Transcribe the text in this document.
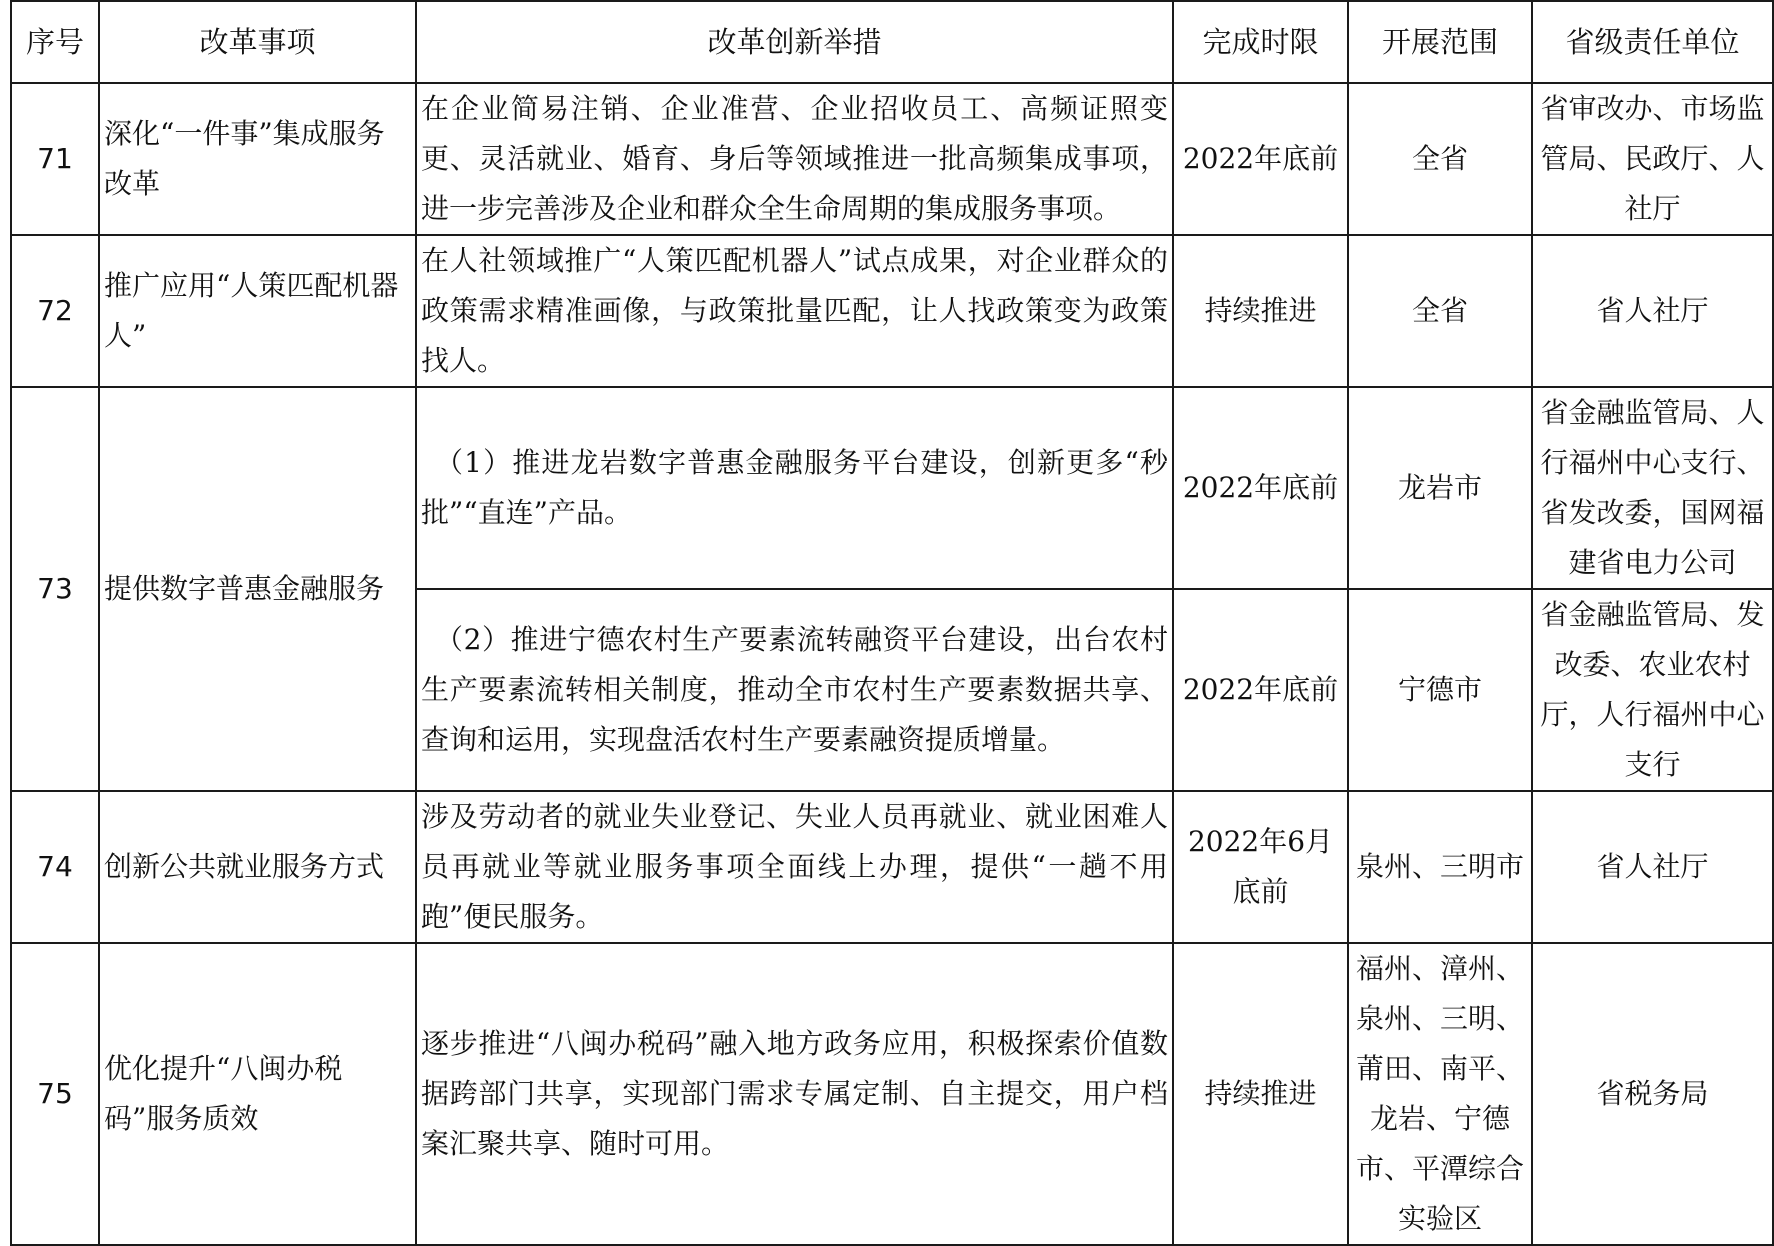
序号	改革事项	改革创新举措	完成时限	开展范围	省级责任单位
71	深化“一件事”集成服务改革	在企业简易注销、企业准营、企业招收员工、高频证照变更、灵活就业、婚育、身后等领域推进一批高频集成事项，进一步完善涉及企业和群众全生命周期的集成服务事项。	2022年底前	全省	省审改办、市场监管局、民政厅、人社厅
72	推广应用“人策匹配机器人”	在人社领域推广“人策匹配机器人”试点成果，对企业群众的政策需求精准画像，与政策批量匹配，让人找政策变为政策找人。	持续推进	全省	省人社厅
73	提供数字普惠金融服务	（1）推进龙岩数字普惠金融服务平台建设，创新更多“秒批”“直连”产品。	2022年底前	龙岩市	省金融监管局、人行福州中心支行、省发改委，国网福建省电力公司
		（2）推进宁德农村生产要素流转融资平台建设，出台农村生产要素流转相关制度，推动全市农村生产要素数据共享、查询和运用，实现盘活农村生产要素融资提质增量。	2022年底前	宁德市	省金融监管局、发改委、农业农村厅，人行福州中心支行
74	创新公共就业服务方式	涉及劳动者的就业失业登记、失业人员再就业、就业困难人员再就业等就业服务事项全面线上办理，提供“一趟不用跑”便民服务。	2022年6月底前	泉州、三明市	省人社厅
75	优化提升“八闽办税码”服务质效	逐步推进“八闽办税码”融入地方政务应用，积极探索价值数据跨部门共享，实现部门需求专属定制、自主提交，用户档案汇聚共享、随时可用。	持续推进	福州、漳州、泉州、三明、莆田、南平、龙岩、宁德市、平潭综合实验区	省税务局
